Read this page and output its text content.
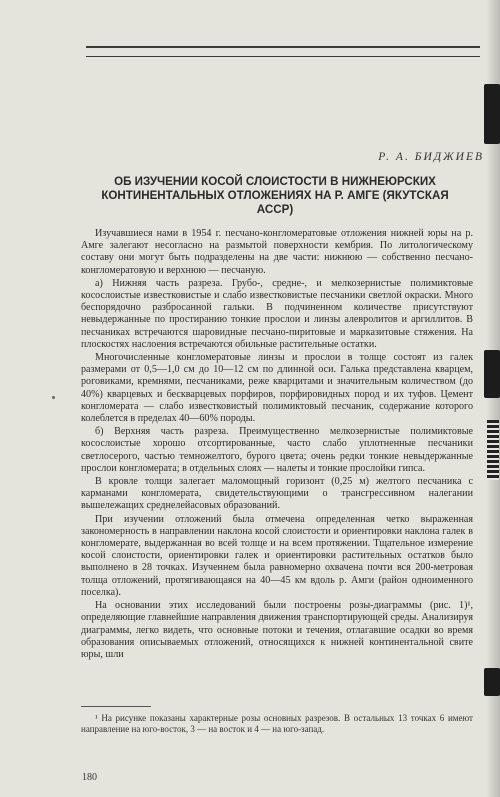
Р. А. БИДЖИЕВ
ОБ ИЗУЧЕНИИ КОСОЙ СЛОИСТОСТИ В НИЖНЕЮРСКИХ КОНТИНЕНТАЛЬНЫХ ОТЛОЖЕНИЯХ НА Р. АМГЕ (ЯКУТСКАЯ АССР)

Изучавшиеся нами в 1954 г. песчано-конгломератовые отложения нижней юры на р. Амге залегают несогласно на размытой поверхности кембрия. По литологическому составу они могут быть подразделены на две части: нижнюю — собственно песчано-конгломератовую и верхнюю — песчаную.

а) Нижняя часть разреза. Грубо-, средне-, и мелкозернистые полимиктовые косослоистые известковистые и слабо известковистые песчаники светлой окраски. Много беспорядочно разбросанной гальки. В подчиненном количестве присутствуют невыдержанные по простиранию тонкие прослои и линзы алевролитов и аргиллитов. В песчаниках встречаются шаровидные песчано-пиритовые и марказитовые стяжения. На плоскостях наслоения встречаются обильные растительные остатки.

Многочисленные конгломератовые линзы и прослои в толще состоят из галек размерами от 0,5—1,0 см до 10—12 см по длинной оси. Галька представлена кварцем, роговиками, кремнями, песчаниками, реже кварцитами и значительным количеством (до 40%) кварцевых и бескварцевых порфиров, порфировидных пород и их туфов. Цемент конгломерата — слабо известковистый полимиктовый песчаник, содержание которого колеблется в пределах 40—60% породы.

б) Верхняя часть разреза. Преимущественно мелкозернистые полимиктовые косослоистые хорошо отсортированные, часто слабо уплотненные песчаники светлосерого, частью темножелтого, бурого цвета; очень редки тонкие невыдержанные прослои конгломерата; в отдельных слоях — налеты и тонкие прослойки гипса.

В кровле толщи залегает маломощный горизонт (0,25 м) желтого песчаника с карманами конгломерата, свидетельствующими о трансгрессивном налегании вышележащих среднелейасовых образований.

При изучении отложений была отмечена определенная четко выраженная закономерность в направлении наклона косой слоистости и ориентировки наклона галек в конгломерате, выдержанная во всей толще и на всем протяжении. Тщательное измерение косой слоистости, ориентировки галек и ориентировки растительных остатков было выполнено в 28 точках. Изученнем была равномерно охвачена почти вся 200-метровая толща отложений, протягивающаяся на 40—45 км вдоль р. Амги (район одноименного поселка).

На основании этих исследований были построены розы-диаграммы (рис. 1)¹, определяющие главнейшие направления движения транспортирующей среды. Анализируя диаграммы, легко видеть, что основные потоки и течения, отлагавшие осадки во время образования описываемых отложений, относящихся к нижней континентальной свите юры, шли

¹ На рисунке показаны характерные розы основных разрезов. В остальных 13 точках 6 имеют направление на юго-восток, 3 — на восток и 4 — на юго-запад.

180
